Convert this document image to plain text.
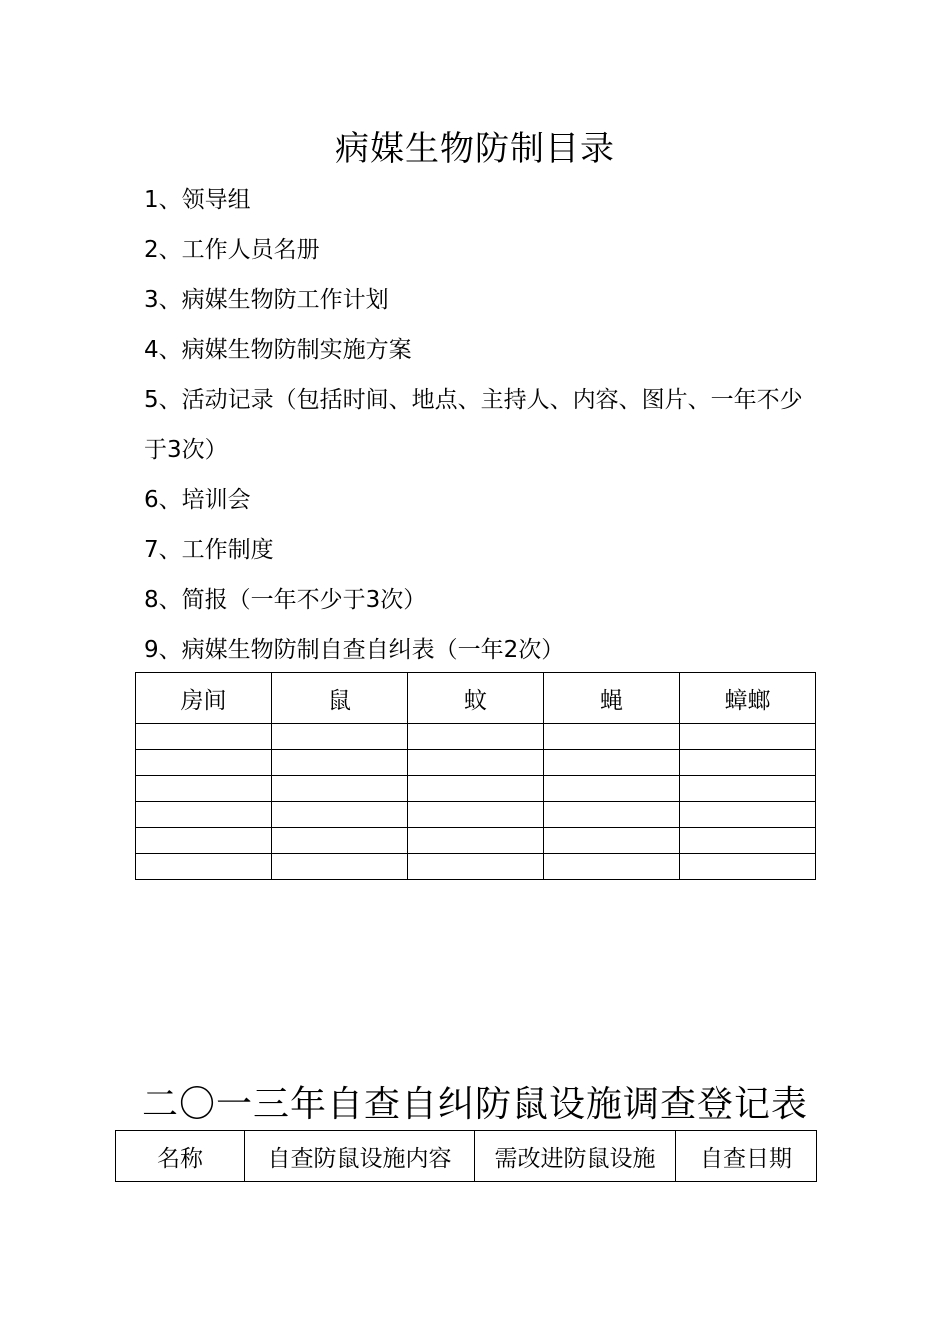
病媒生物防制目录
1、领导组
2、工作人员名册
3、病媒生物防工作计划
4、病媒生物防制实施方案
5、活动记录（包括时间、地点、主持人、内容、图片、一年不少于3次）
6、培训会
7、工作制度
8、简报（一年不少于3次）
9、病媒生物防制自查自纠表（一年2次）
房间	鼠	蚊	蝇	蟑螂

二〇一三年自查自纠防鼠设施调查登记表
名称	自查防鼠设施内容	需改进防鼠设施	自查日期
